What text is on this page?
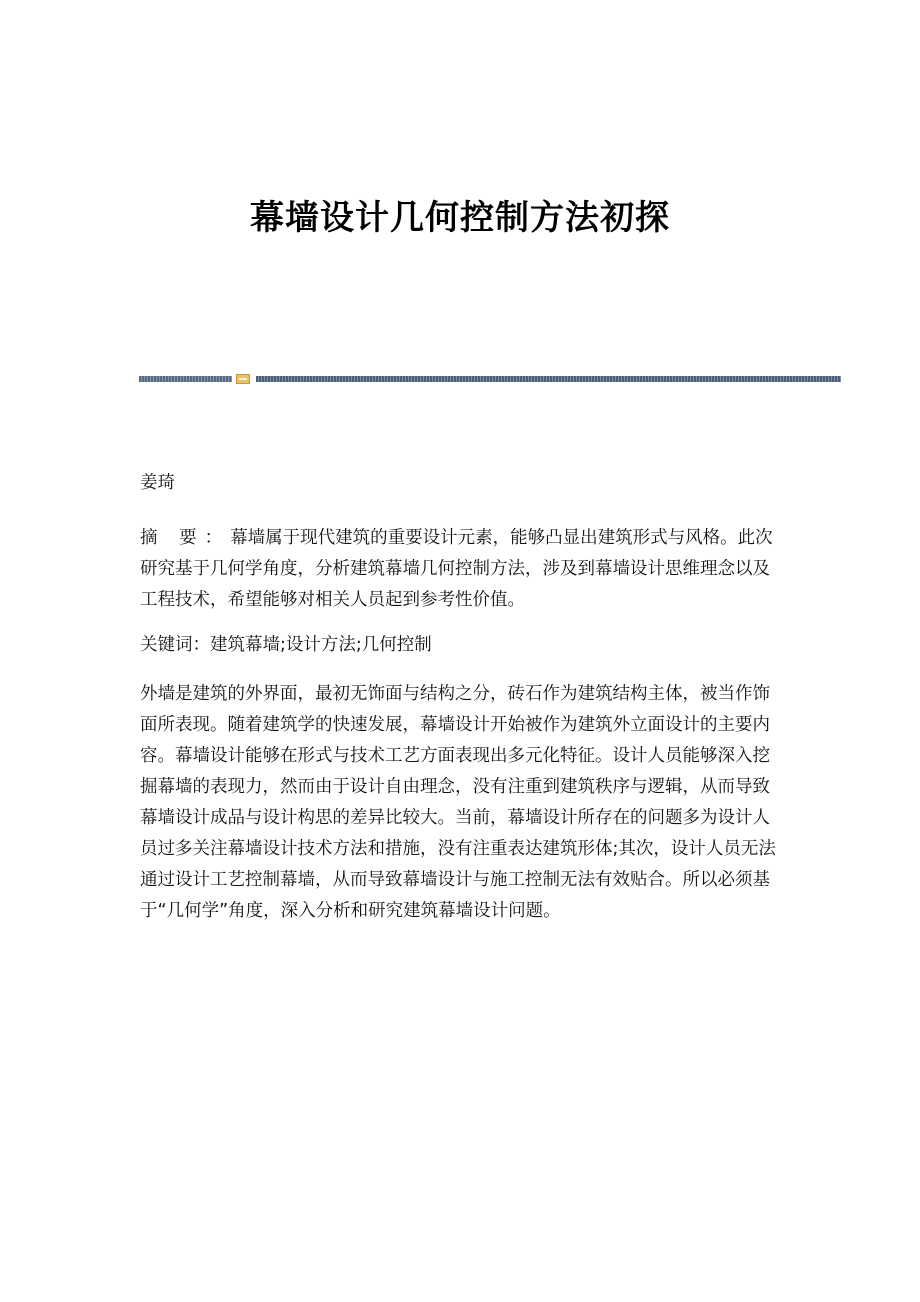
幕墙设计几何控制方法初探

姜琦

摘 要：幕墙属于现代建筑的重要设计元素，能够凸显出建筑形式与风格。此次研究基于几何学角度，分析建筑幕墙几何控制方法，涉及到幕墙设计思维理念以及工程技术，希望能够对相关人员起到参考性价值。

关键词：建筑幕墙;设计方法;几何控制

外墙是建筑的外界面，最初无饰面与结构之分，砖石作为建筑结构主体，被当作饰面所表现。随着建筑学的快速发展，幕墙设计开始被作为建筑外立面设计的主要内容。幕墙设计能够在形式与技术工艺方面表现出多元化特征。设计人员能够深入挖掘幕墙的表现力，然而由于设计自由理念，没有注重到建筑秩序与逻辑，从而导致幕墙设计成品与设计构思的差异比较大。当前，幕墙设计所存在的问题多为设计人员过多关注幕墙设计技术方法和措施，没有注重表达建筑形体;其次，设计人员无法通过设计工艺控制幕墙，从而导致幕墙设计与施工控制无法有效贴合。所以必须基于“几何学”角度，深入分析和研究建筑幕墙设计问题。
